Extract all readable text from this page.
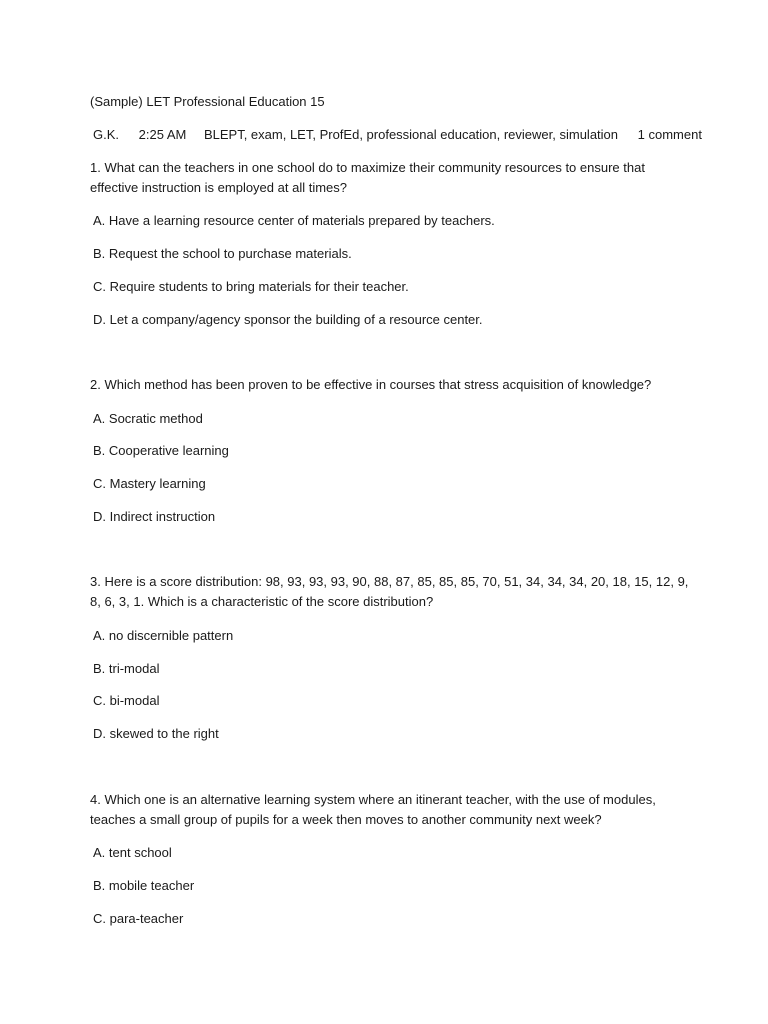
(Sample) LET Professional Education 15
G.K. 2:25 AM BLEPT, exam, LET, ProfEd, professional education, reviewer, simulation 1 comment

1. What can the teachers in one school do to maximize their community resources to ensure that effective instruction is employed at all times?

A. Have a learning resource center of materials prepared by teachers.
B. Request the school to purchase materials.
C. Require students to bring materials for their teacher.
D. Let a company/agency sponsor the building of a resource center.

2. Which method has been proven to be effective in courses that stress acquisition of knowledge?

A. Socratic method
B. Cooperative learning
C. Mastery learning
D. Indirect instruction

3. Here is a score distribution: 98, 93, 93, 93, 90, 88, 87, 85, 85, 85, 70, 51, 34, 34, 34, 20, 18, 15, 12, 9, 8, 6, 3, 1. Which is a characteristic of the score distribution?

A. no discernible pattern
B. tri-modal
C. bi-modal
D. skewed to the right

4. Which one is an alternative learning system where an itinerant teacher, with the use of modules, teaches a small group of pupils for a week then moves to another community next week?

A. tent school
B. mobile teacher
C. para-teacher
